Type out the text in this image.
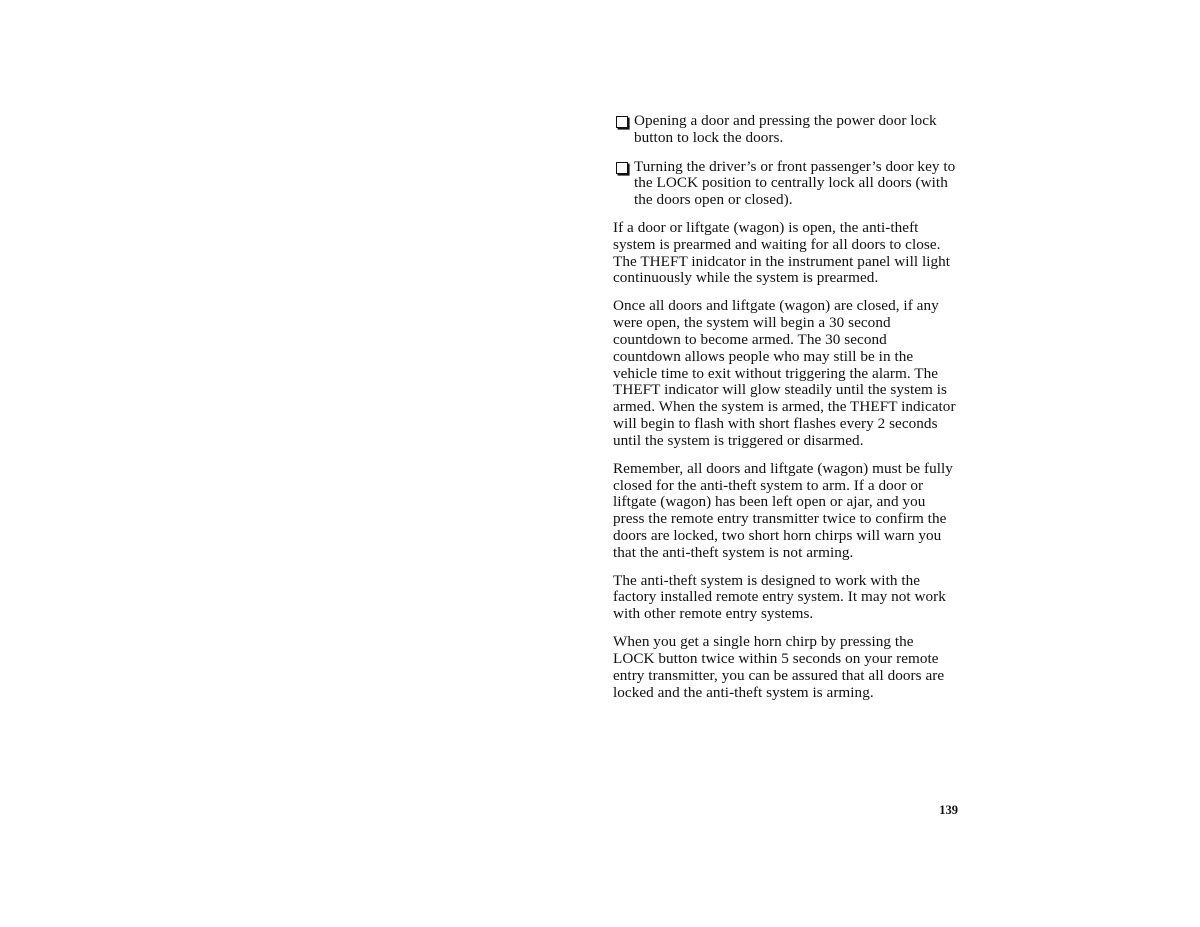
Opening a door and pressing the power door lock button to lock the doors.
Turning the driver’s or front passenger’s door key to the LOCK position to centrally lock all doors (with the doors open or closed).

If a door or liftgate (wagon) is open, the anti-theft system is prearmed and waiting for all doors to close. The THEFT inidcator in the instrument panel will light continuously while the system is prearmed.

Once all doors and liftgate (wagon) are closed, if any were open, the system will begin a 30 second countdown to become armed. The 30 second countdown allows people who may still be in the vehicle time to exit without triggering the alarm. The THEFT indicator will glow steadily until the system is armed. When the system is armed, the THEFT indicator will begin to flash with short flashes every 2 seconds until the system is triggered or disarmed.

Remember, all doors and liftgate (wagon) must be fully closed for the anti-theft system to arm. If a door or liftgate (wagon) has been left open or ajar, and you press the remote entry transmitter twice to confirm the doors are locked, two short horn chirps will warn you that the anti-theft system is not arming.

The anti-theft system is designed to work with the factory installed remote entry system. It may not work with other remote entry systems.

When you get a single horn chirp by pressing the LOCK button twice within 5 seconds on your remote entry transmitter, you can be assured that all doors are locked and the anti-theft system is arming.

139
